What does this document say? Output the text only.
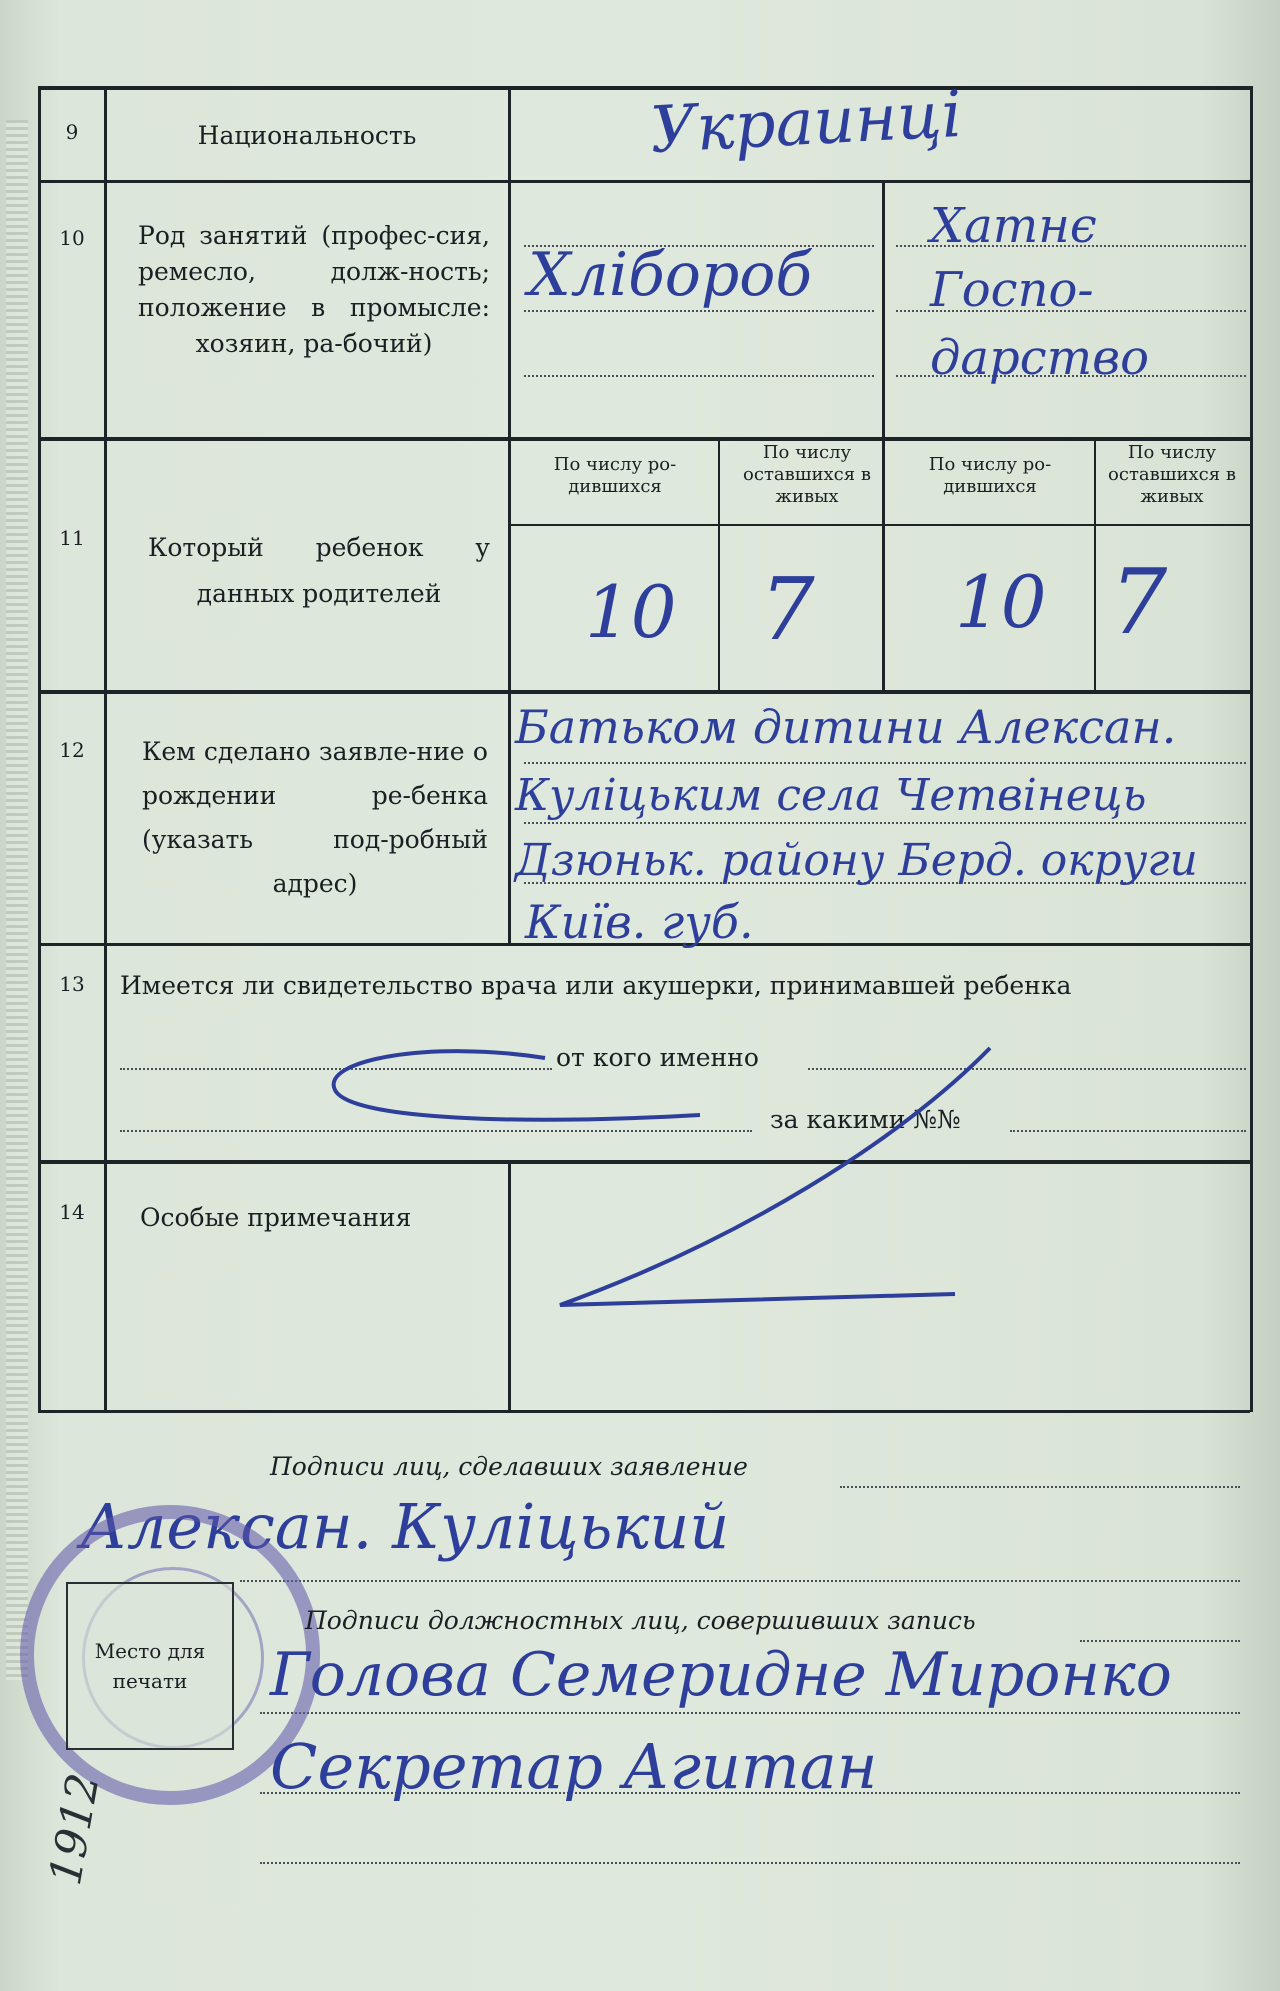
9
10
11
12
13
14
Национальность
Род занятий (профес-сия, ремесло, долж-ность; положение в промысле: хозяин, ра-бочий)
Который ребенок у данных родителей
Кем сделано заявле-ние о рождении ре-бенка (указать под-робный адрес)
Имеется ли свидетельство врача или акушерки, принимавшей ребенка
Особые примечания
По числу ро-дившихся
По числу оставшихся в живых
По числу ро-дившихся
По числу оставшихся в живых
от кого именно
за какими №№
Украинці
Хлібороб
Хатнє
Госпо-
дарство
10 7 10 7
Батьком дитини Алексан.
Куліцьким села Четвінець
Дзюньк. району Берд. округи
Київ. губ.
Подписи лиц, сделавших заявление
Алексан. Куліцький
Место для печати
Подписи должностных лиц, совершивших запись
Голова Семеридне Миронко
Секретар Агитан
1912
